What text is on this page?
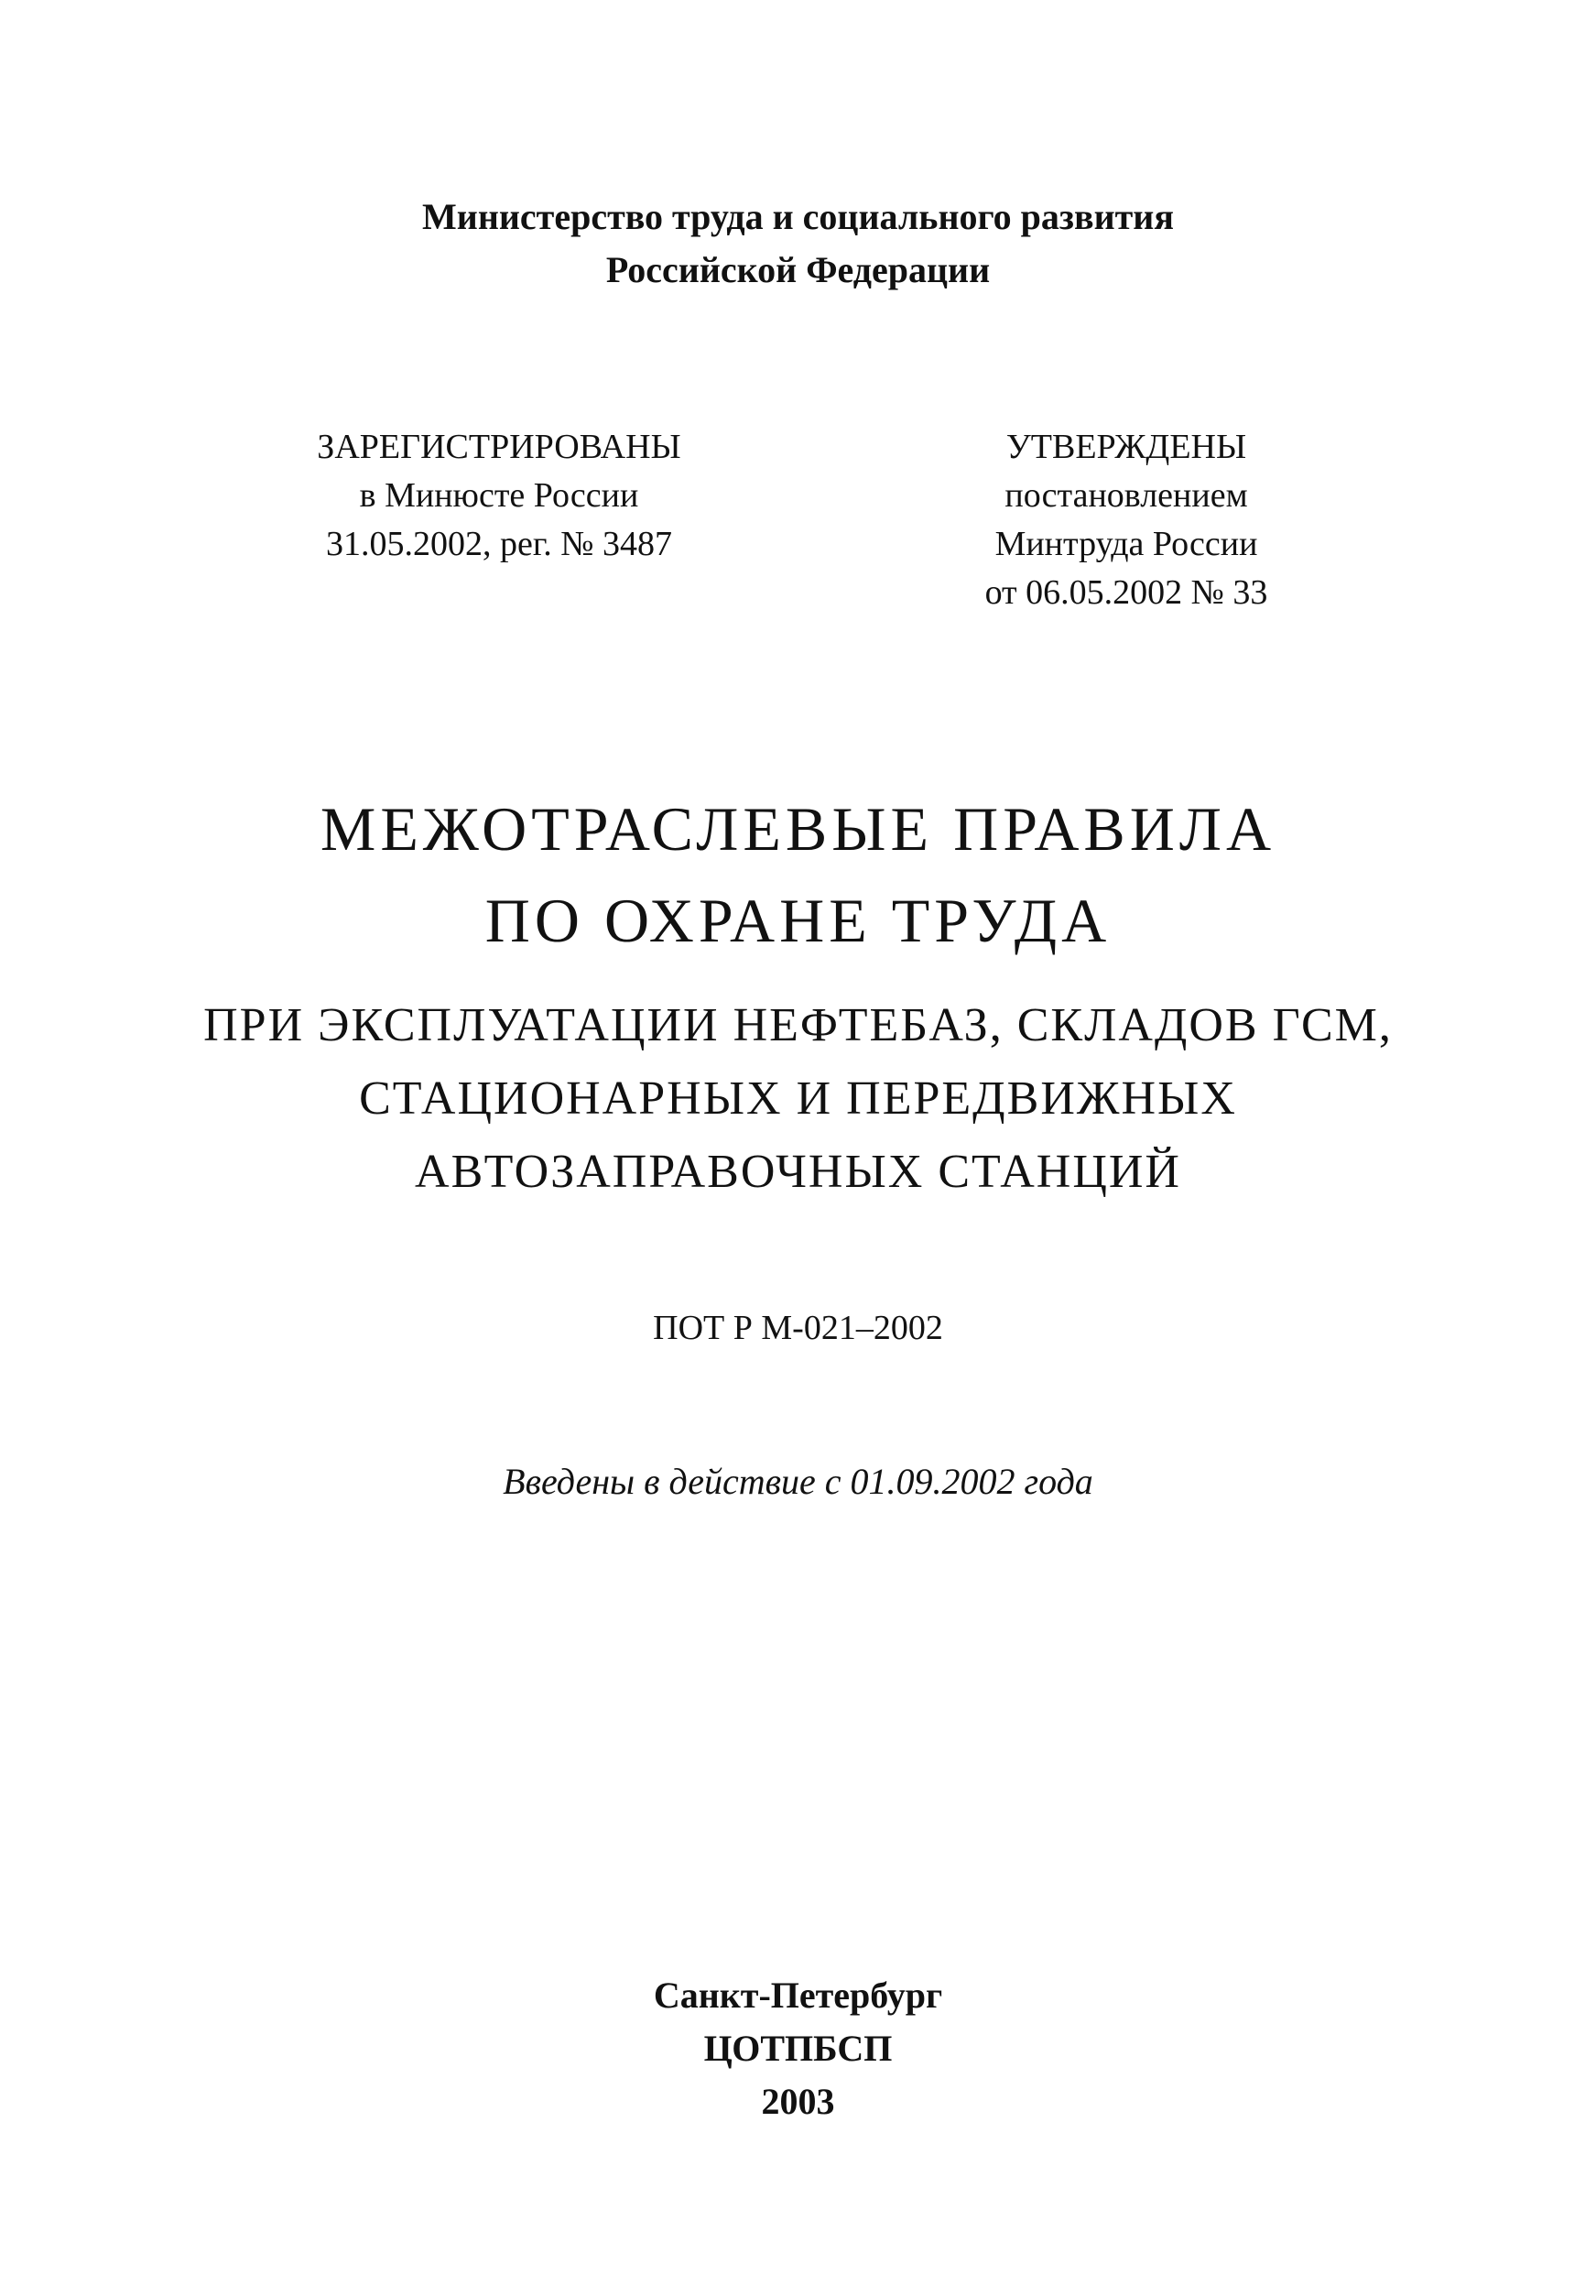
Министерство труда и социального развития
Российской Федерации
ЗАРЕГИСТРИРОВАНЫ
в Минюсте России
31.05.2002, рег. № 3487
УТВЕРЖДЕНЫ
постановлением
Минтруда России
от 06.05.2002 № 33
МЕЖОТРАСЛЕВЫЕ ПРАВИЛА
ПО ОХРАНЕ ТРУДА
ПРИ ЭКСПЛУАТАЦИИ НЕФТЕБАЗ, СКЛАДОВ ГСМ,
СТАЦИОНАРНЫХ И ПЕРЕДВИЖНЫХ
АВТОЗАПРАВОЧНЫХ СТАНЦИЙ
ПОТ Р М-021–2002
Введены в действие с 01.09.2002 года
Санкт-Петербург
ЦОТПБСП
2003
